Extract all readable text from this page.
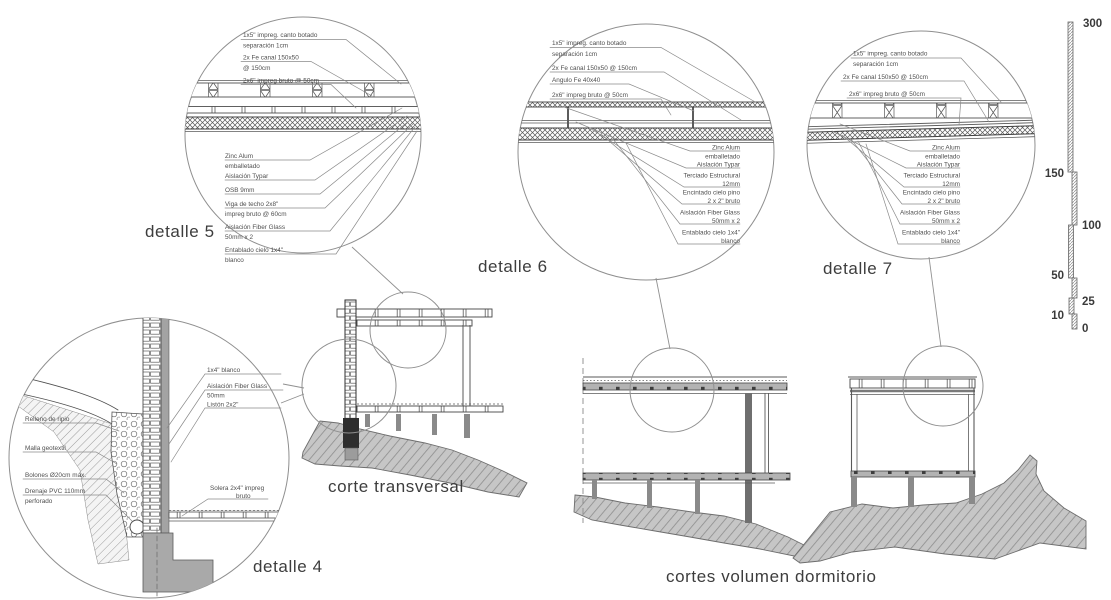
1x5" impreg. canto botado
separación 1cm
2x Fe canal 150x50
@ 150cm
2x6" impreg bruto @ 50cm
Zinc Alum
emballetado
Aislación Typar
OSB 9mm
Viga de techo 2x8"
impreg bruto @ 60cm
Aislación Fiber Glass
50mm x 2
Entablado cielo 1x4"
blanco
detalle 5
1x5" impreg. canto botado
separación 1cm
2x Fe canal 150x50 @ 150cm
Angulo Fe 40x40
2x6" impreg bruto @ 50cm
Zinc Alum
emballetado
Aislación Typar
Terciado Estructural
12mm
Encintado cielo pino
2 x 2" bruto
Aislación Fiber Glass
50mm x 2
Entablado cielo 1x4"
blanco
detalle 6
1x5" impreg. canto botado
separación 1cm
2x Fe canal 150x50 @ 150cm
2x6" impreg bruto @ 50cm
Zinc Alum
emballetado
Aislación Typar
Terciado Estructural
12mm
Encintado cielo pino
2 x 2" bruto
Aislación Fiber Glass
50mm x 2
Entablado cielo 1x4"
blanco
detalle 7
Relleno de ripio
Malla geotextil
Bolones Ø20cm máx.
Drenaje PVC 110mm
perforado
1x4" blanco
Aislación Fiber Glass
50mm
Listón 2x2"
Solera 2x4" impreg
bruto
detalle 4
corte transversal
cortes volumen dormitorio
300
150
100
50
25
10
0
